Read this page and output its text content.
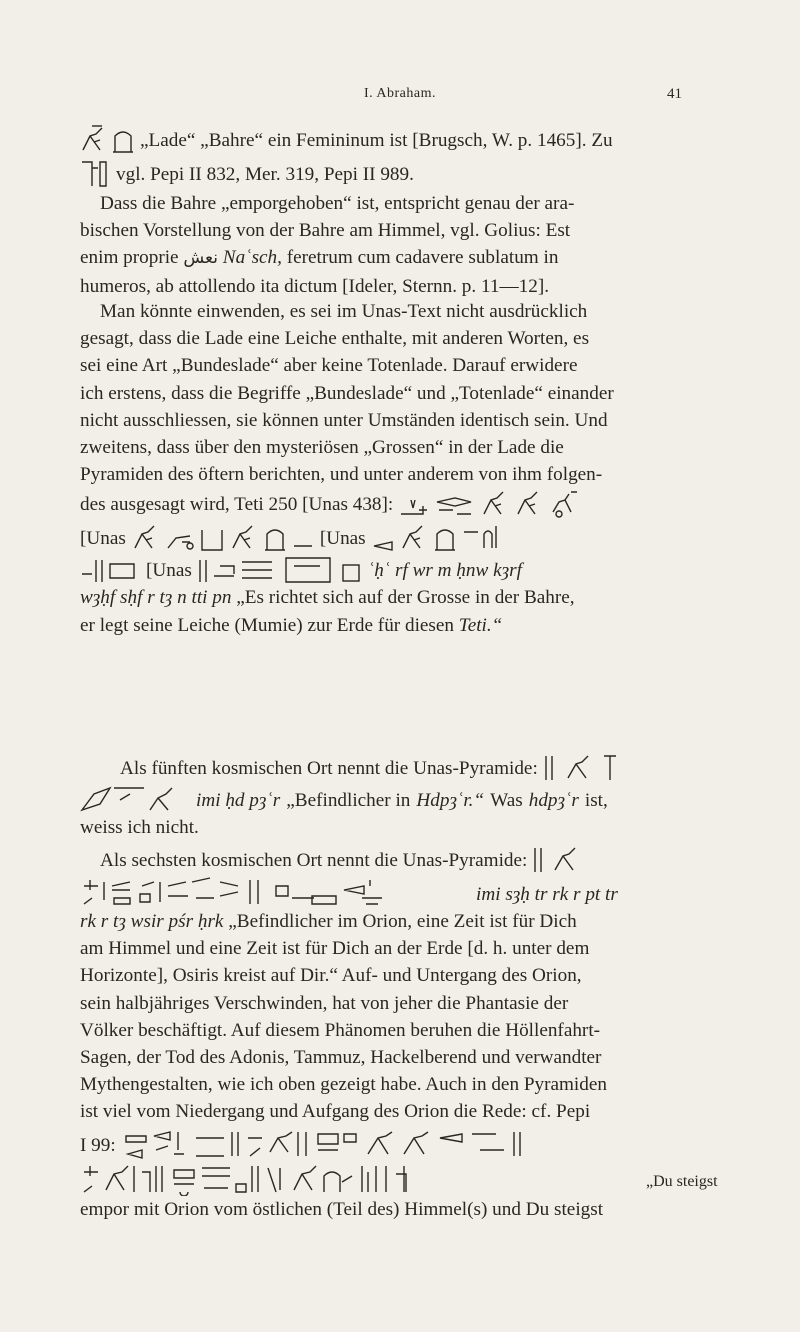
I. Abraham.	41
„Lade“ „Bahre“ ein Femininum ist [Brugsch, W. p. 1465]. Zu
vgl. Pepi II 832, Mer. 319, Pepi II 989.

Dass die Bahre „emporgehoben“ ist, entspricht genau der ara-

bischen Vorstellung von der Bahre am Himmel, vgl. Golius: Est

enim proprie نعش Naʿsch, feretrum cum cadavere sublatum in

humeros, ab attollendo ita dictum [Ideler, Sternn. p. 11—12].

Man könnte einwenden, es sei im Unas-Text nicht ausdrücklich

gesagt, dass die Lade eine Leiche enthalte, mit anderen Worten, es

sei eine Art „Bundeslade“ aber keine Totenlade. Darauf erwidere

ich erstens, dass die Begriffe „Bundeslade“ und „Totenlade“ einander

nicht ausschliessen, sie können unter Umständen identisch sein. Und

zweitens, dass über den mysteriösen „Grossen“ in der Lade die

Pyramiden des öftern berichten, und unter anderem von ihm folgen-

des ausgesagt wird, Teti 250 [Unas 438]:
[Unas	[Unas
[Unas	ʿḥʿ rf wr m ḥnw kȝrf

wȝḥf sḥf r tȝ n tti pn „Es richtet sich auf der Grosse in der Bahre,

er legt seine Leiche (Mumie) zur Erde für diesen Teti.“

Als fünften kosmischen Ort nennt die Unas-Pyramide:
imi ḥd pȝʿr „Befindlicher in Hdpȝʿr.“ Was hdpȝʿr ist,

weiss ich nicht.

Als sechsten kosmischen Ort nennt die Unas-Pyramide:
imi sȝḥ tr rk r pt tr

rk r tȝ wsir pśr ḥrk „Befindlicher im Orion, eine Zeit ist für Dich

am Himmel und eine Zeit ist für Dich an der Erde [d. h. unter dem

Horizonte], Osiris kreist auf Dir.“ Auf- und Untergang des Orion,

sein halbjähriges Verschwinden, hat von jeher die Phantasie der

Völker beschäftigt. Auf diesem Phänomen beruhen die Höllenfahrt-

Sagen, der Tod des Adonis, Tammuz, Hackelberend und verwandter

Mythengestalten, wie ich oben gezeigt habe. Auch in den Pyramiden

ist viel vom Niedergang und Aufgang des Orion die Rede: cf. Pepi

I 99:
„Du steigst

empor mit Orion vom östlichen (Teil des) Himmel(s) und Du steigst
